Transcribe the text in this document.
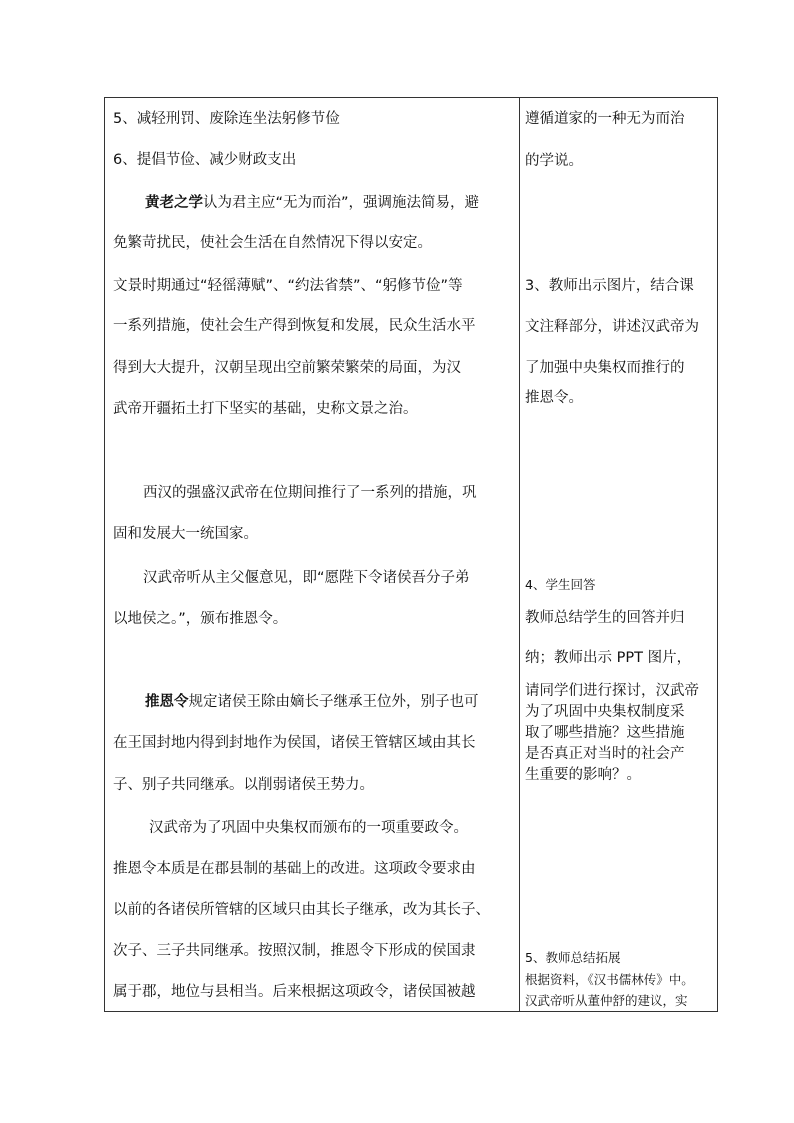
5、减轻刑罚、废除连坐法躬修节俭
6、提倡节俭、减少财政支出
黄老之学认为君主应“无为而治”，强调施法简易，避
免繁苛扰民，使社会生活在自然情况下得以安定。
文景时期通过“轻徭薄赋”、“约法省禁”、“躬修节俭”等
一系列措施，使社会生产得到恢复和发展，民众生活水平
得到大大提升，汉朝呈现出空前繁荣繁荣的局面，为汉
武帝开疆拓土打下坚实的基础，史称文景之治。
西汉的强盛汉武帝在位期间推行了一系列的措施，巩
固和发展大一统国家。
汉武帝听从主父偃意见，即“愿陛下令诸侯吾分子弟
以地侯之。”，颁布推恩令。
推恩令规定诸侯王除由嫡长子继承王位外，别子也可
在王国封地内得到封地作为侯国，诸侯王管辖区域由其长
子、别子共同继承。以削弱诸侯王势力。
汉武帝为了巩固中央集权而颁布的一项重要政令。
推恩令本质是在郡县制的基础上的改进。这项政令要求由
以前的各诸侯所管辖的区域只由其长子继承，改为其长子、
次子、三子共同继承。按照汉制，推恩令下形成的侯国隶
属于郡，地位与县相当。后来根据这项政令，诸侯国被越
遵循道家的一种无为而治
的学说。
3、教师出示图片，结合课
文注释部分，讲述汉武帝为
了加强中央集权而推行的
推恩令。
4、学生回答
教师总结学生的回答并归
纳；教师出示 PPT 图片，
请同学们进行探讨，汉武帝
为了巩固中央集权制度采
取了哪些措施？这些措施
是否真正对当时的社会产
生重要的影响？。
5、教师总结拓展
根据资料，《汉书儒林传》中。
汉武帝听从董仲舒的建议，实
